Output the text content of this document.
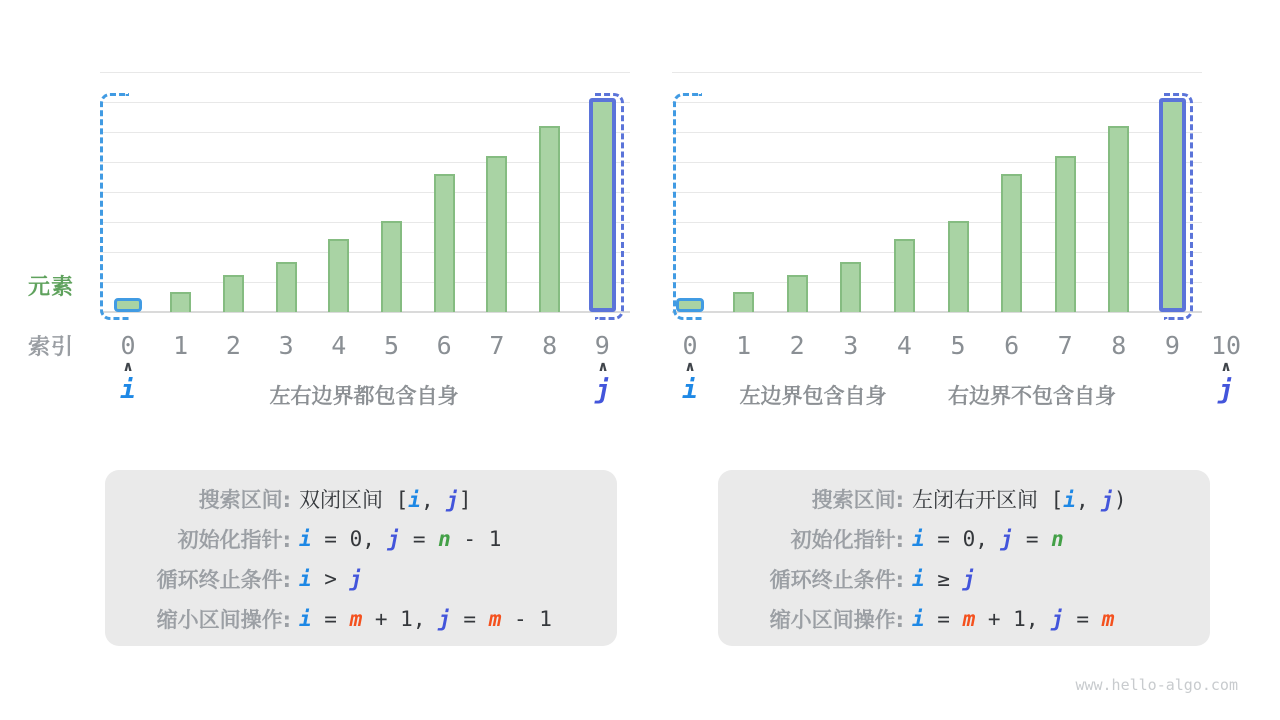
元素
索引
∧	∧
i	j
左右边界都包含自身
0 1 2 3 4 5 6 7 8 9
∧	∧
i	j
左边界包含自身	右边界不包含自身
0 1 2 3 4 5 6 7 8 9 10
搜索区间: 双闭区间 [i, j]
初始化指针: i = 0, j = n - 1
循环终止条件: i > j
缩小区间操作: i = m + 1, j = m - 1
搜索区间: 左闭右开区间 [i, j)
初始化指针: i = 0, j = n
循环终止条件: i ≥ j
缩小区间操作: i = m + 1, j = m
www.hello-algo.com
